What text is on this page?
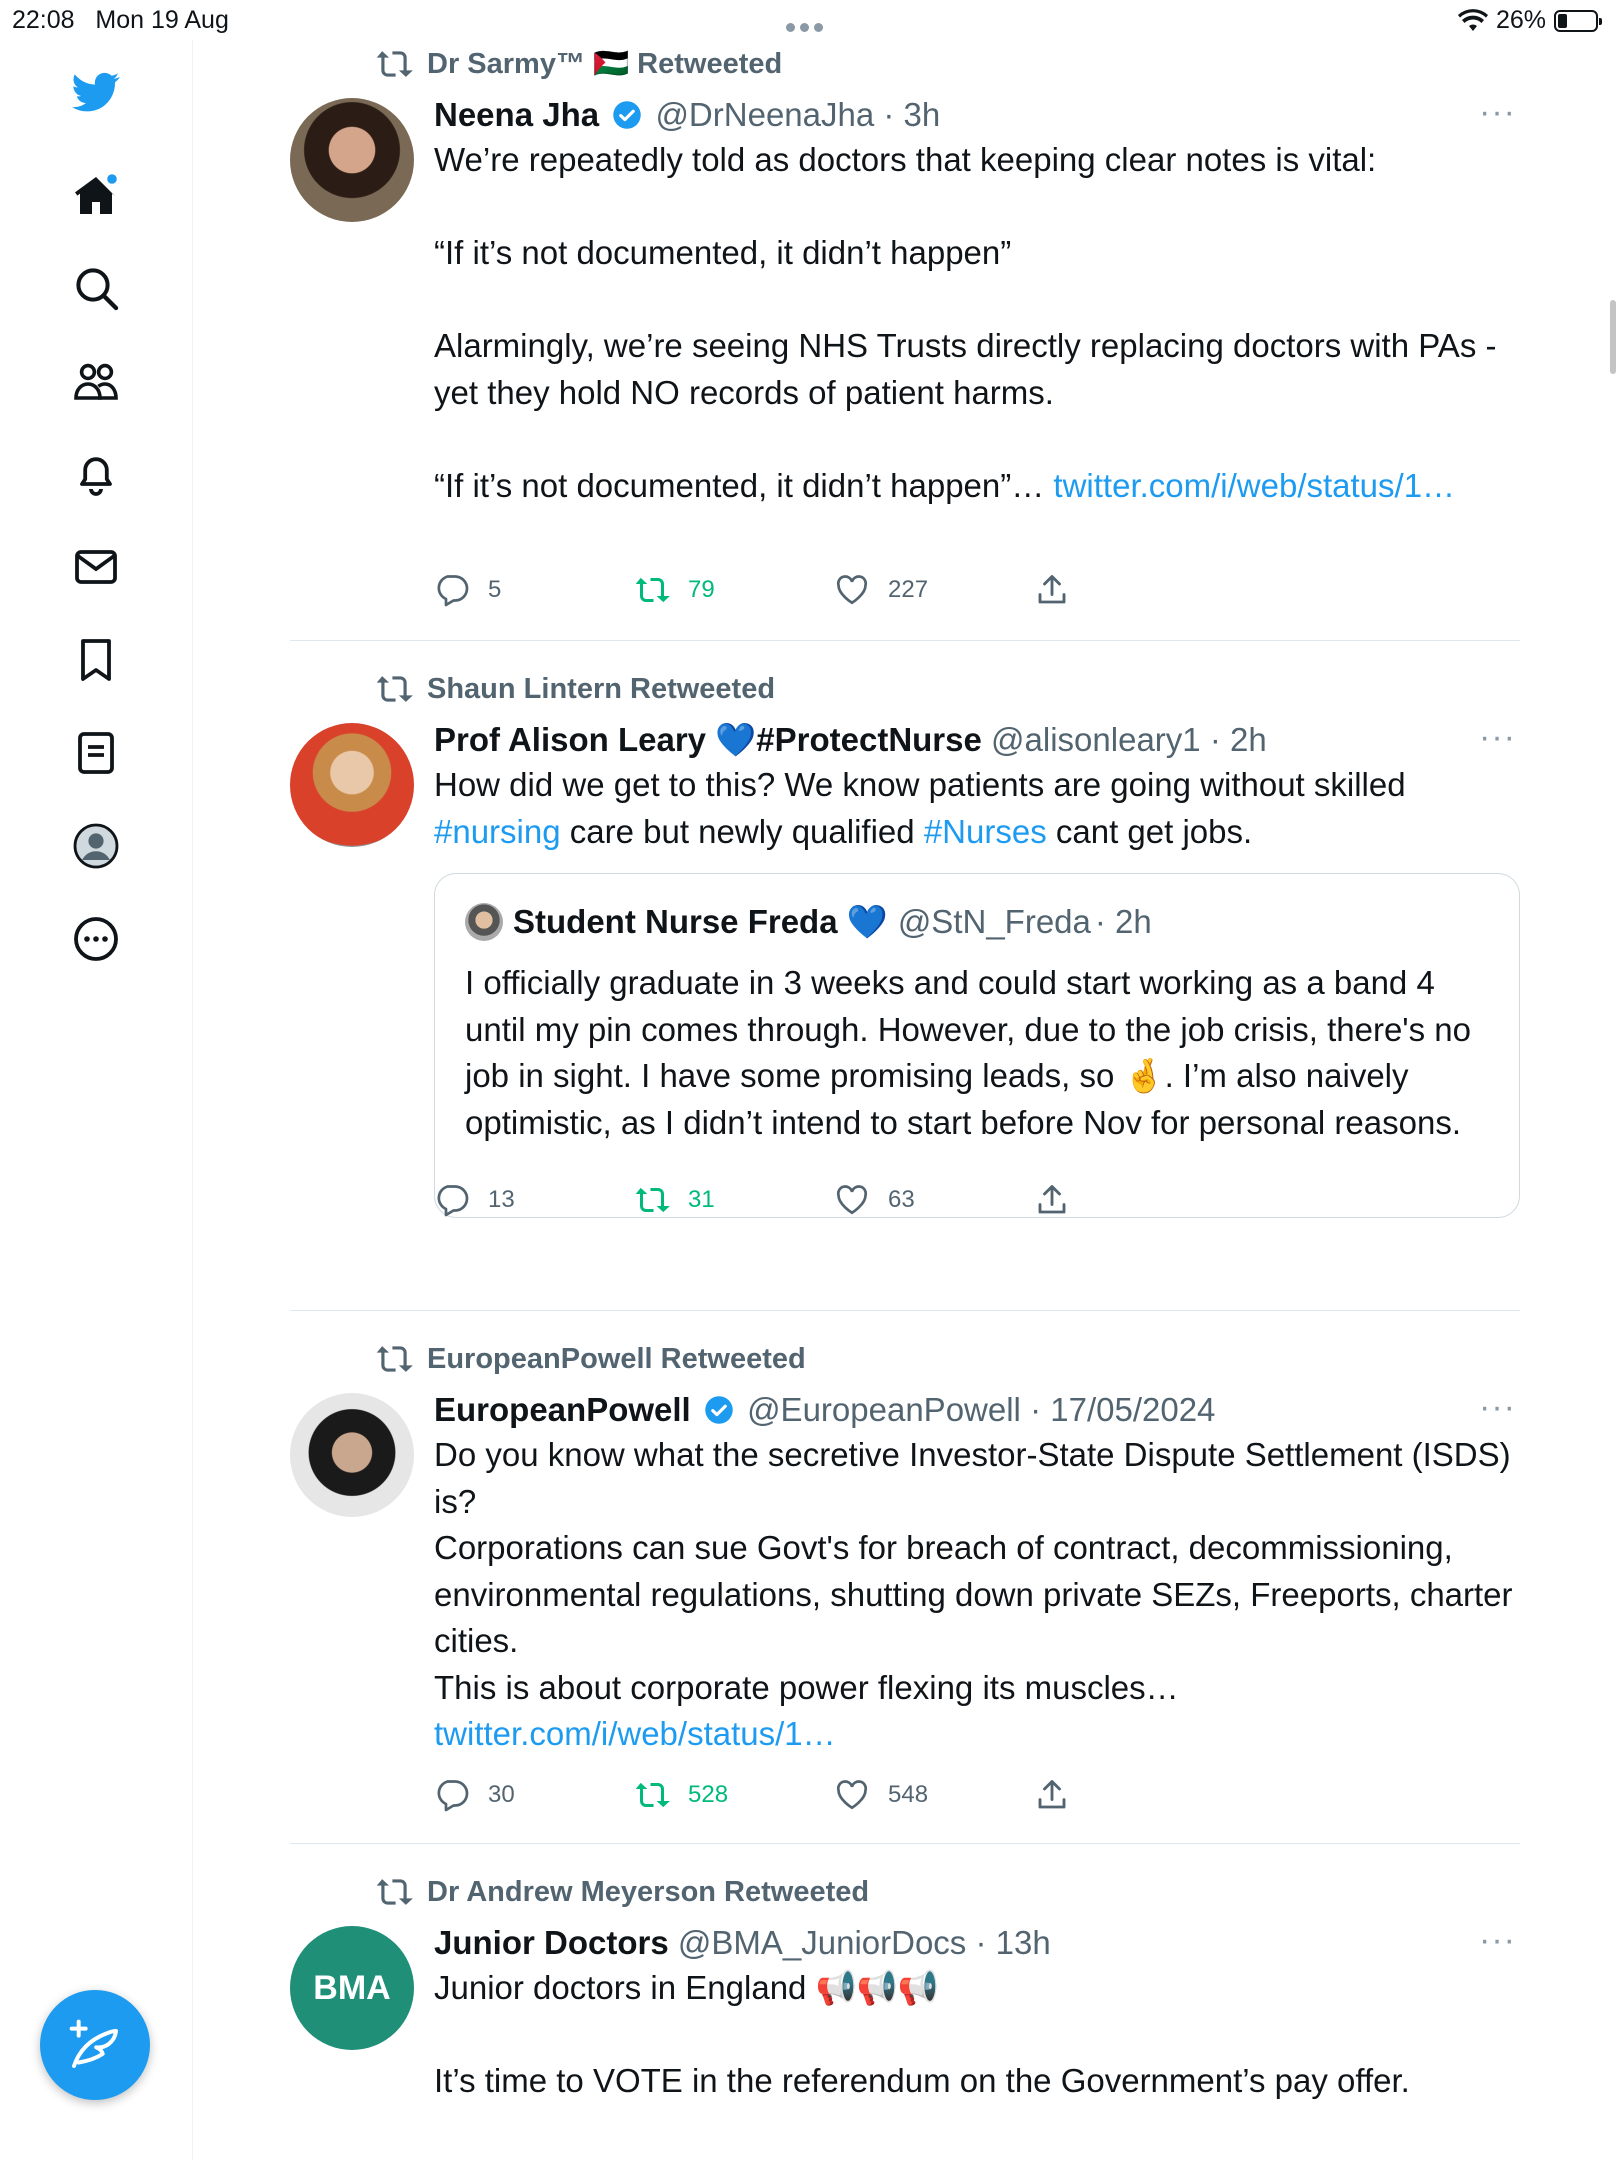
22:08 Mon 19 Aug	26%
Dr Sarmy™ 🇵🇸 Retweeted
Neena Jha @DrNeenaJha · 3h	···

We’re repeatedly told as doctors that keeping clear notes is vital:

“If it’s not documented, it didn’t happen”

Alarmingly, we’re seeing NHS Trusts directly replacing doctors with PAs - yet they hold NO records of patient harms.

“If it’s not documented, it didn’t happen”… twitter.com/i/web/status/1…

5	79	227
Shaun Lintern Retweeted
Prof Alison Leary 💙#ProtectNurse @alisonleary1 · 2h	···

How did we get to this? We know patients are going without skilled
#nursing care but newly qualified #Nurses cant get jobs.

Student Nurse Freda 💙 @StN_Freda · 2h

I officially graduate in 3 weeks and could start working as a band 4 until my pin comes through. However, due to the job crisis, there's no job in sight. I have some promising leads, so 🤞. I’m also naively optimistic, as I didn’t intend to start before Nov for personal reasons.

13	31	63
EuropeanPowell Retweeted
EuropeanPowell @EuropeanPowell · 17/05/2024	···

Do you know what the secretive Investor-State Dispute Settlement (ISDS) is?
Corporations can sue Govt's for breach of contract, decommissioning, environmental regulations, shutting down private SEZs, Freeports, charter cities.
This is about corporate power flexing its muscles… twitter.com/i/web/status/1…

30	528	548
Dr Andrew Meyerson Retweeted
BMA
Junior Doctors @BMA_JuniorDocs · 13h	···

Junior doctors in England 📢📢📢

It’s time to VOTE in the referendum on the Government’s pay offer.
